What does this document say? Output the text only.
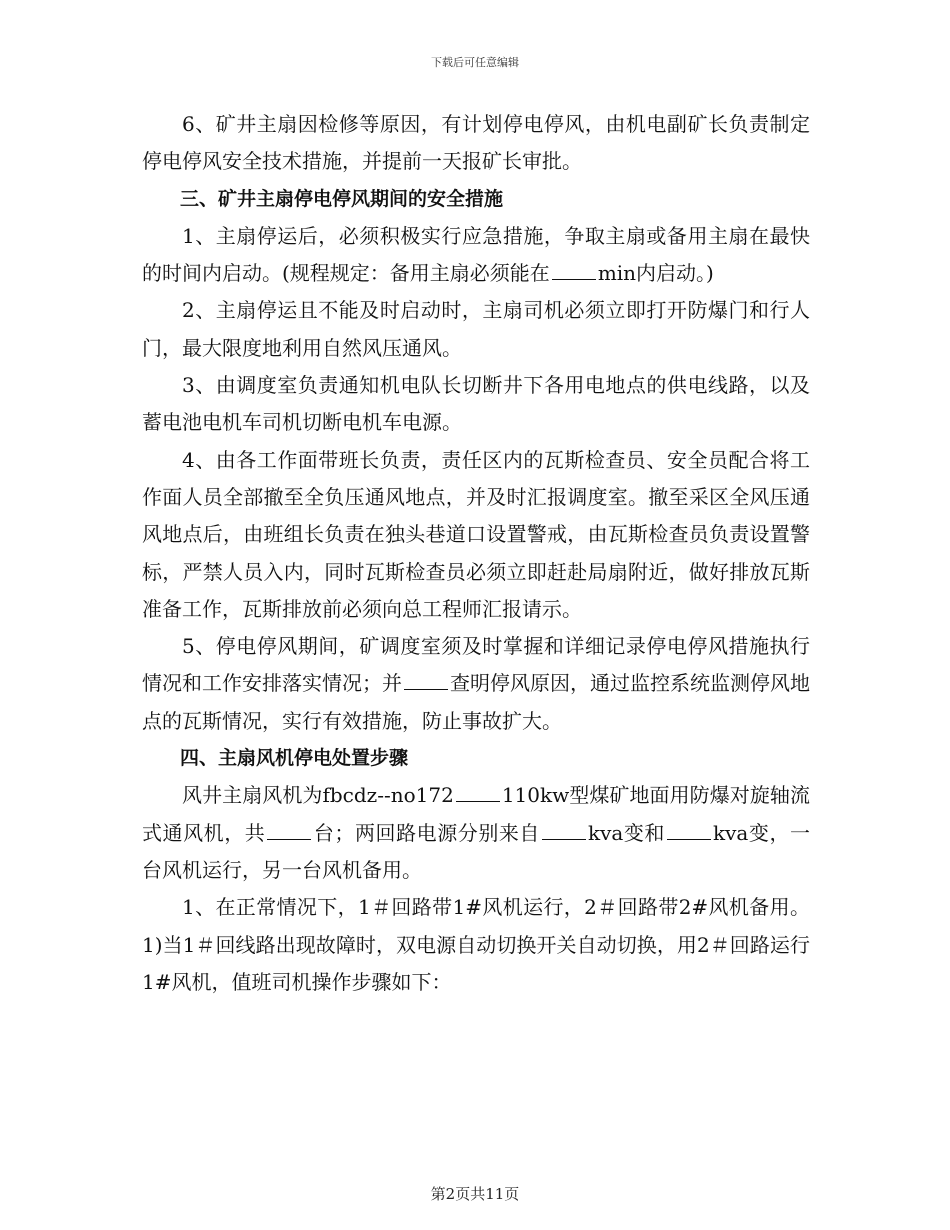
下载后可任意编辑

6、矿井主扇因检修等原因，有计划停电停风，由机电副矿长负责制定停电停风安全技术措施，并提前一天报矿长审批。

三、矿井主扇停电停风期间的安全措施

1、主扇停运后，必须积极实行应急措施，争取主扇或备用主扇在最快的时间内启动。(规程规定：备用主扇必须能在 min内启动。)

2、主扇停运且不能及时启动时，主扇司机必须立即打开防爆门和行人门，最大限度地利用自然风压通风。

3、由调度室负责通知机电队长切断井下各用电地点的供电线路，以及蓄电池电机车司机切断电机车电源。

4、由各工作面带班长负责，责任区内的瓦斯检查员、安全员配合将工作面人员全部撤至全负压通风地点，并及时汇报调度室。撤至采区全风压通风地点后，由班组长负责在独头巷道口设置警戒，由瓦斯检查员负责设置警标，严禁人员入内，同时瓦斯检查员必须立即赶赴局扇附近，做好排放瓦斯准备工作，瓦斯排放前必须向总工程师汇报请示。

5、停电停风期间，矿调度室须及时掌握和详细记录停电停风措施执行情况和工作安排落实情况；并 查明停风原因，通过监控系统监测停风地点的瓦斯情况，实行有效措施，防止事故扩大。

四、主扇风机停电处置步骤

风井主扇风机为fbcdz--no172 110kw型煤矿地面用防爆对旋轴流式通风机，共 台；两回路电源分别来自 kva变和 kva变，一台风机运行，另一台风机备用。

1、在正常情况下，1＃回路带1#风机运行，2＃回路带2#风机备用。1)当1＃回线路出现故障时，双电源自动切换开关自动切换，用2＃回路运行1#风机，值班司机操作步骤如下：

第2页共11页
